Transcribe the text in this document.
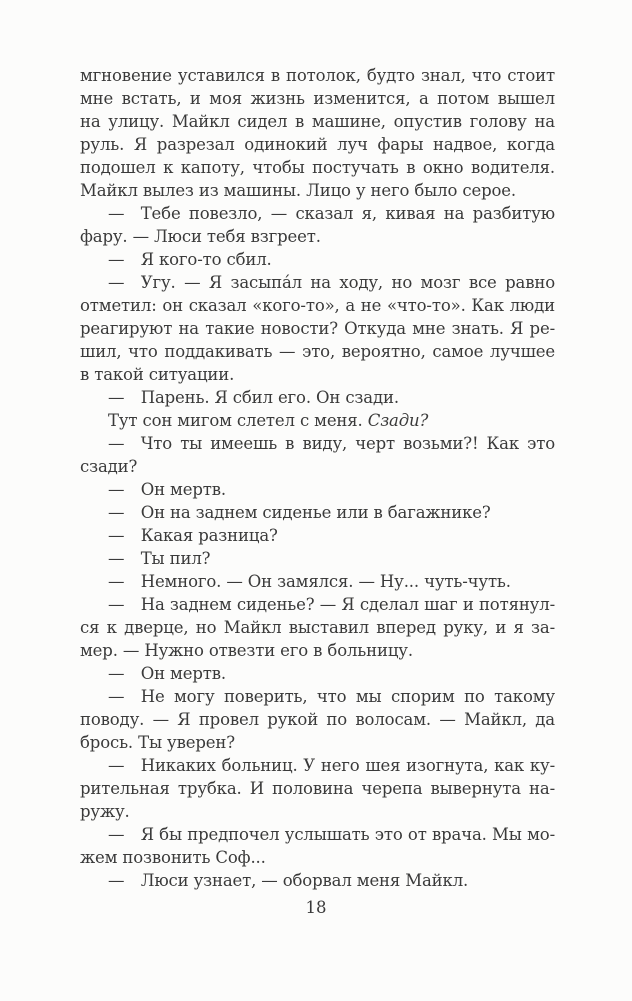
мгновение уставился в потолок, будто знал, что стоит
мне встать, и моя жизнь изменится, а потом вышел
на улицу. Майкл сидел в машине, опустив голову на
руль. Я разрезал одинокий луч фары надвое, когда
подошел к капоту, чтобы постучать в окно водителя.
Майкл вылез из машины. Лицо у него было серое.
— Тебе повезло, — сказал я, кивая на разбитую
фару. — Люси тебя взгреет.
— Я кого-то сбил.
— Угу. — Я засыпа́л на ходу, но мозг все равно
отметил: он сказал «кого-то», а не «что-то». Как люди
реагируют на такие новости? Откуда мне знать. Я ре-
шил, что поддакивать — это, вероятно, самое лучшее
в такой ситуации.
— Парень. Я сбил его. Он сзади.
Тут сон мигом слетел с меня. Сзади?
— Что ты имеешь в виду, черт возьми?! Как это
сзади?
— Он мертв.
— Он на заднем сиденье или в багажнике?
— Какая разница?
— Ты пил?
— Немного. — Он замялся. — Ну... чуть-чуть.
— На заднем сиденье? — Я сделал шаг и потянул-
ся к дверце, но Майкл выставил вперед руку, и я за-
мер. — Нужно отвезти его в больницу.
— Он мертв.
— Не могу поверить, что мы спорим по такому
поводу. — Я провел рукой по волосам. — Майкл, да
брось. Ты уверен?
— Никаких больниц. У него шея изогнута, как ку-
рительная трубка. И половина черепа вывернута на-
ружу.
— Я бы предпочел услышать это от врача. Мы мо-
жем позвонить Соф...
— Люси узнает, — оборвал меня Майкл.
18
